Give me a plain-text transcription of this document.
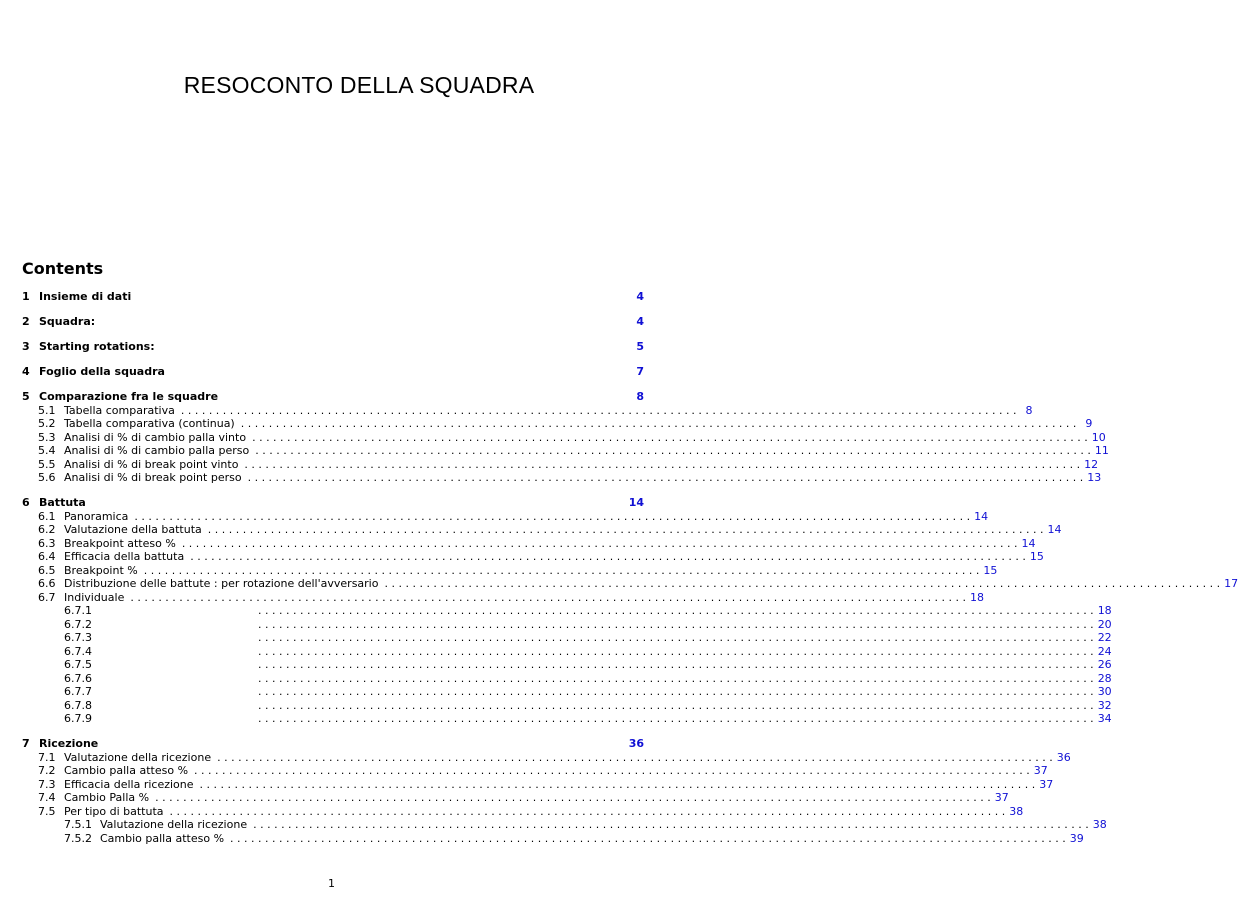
RESOCONTO DELLA SQUADRA
Contents
1 Insieme di dati	4
2 Squadra:	4
3 Starting rotations:	5
4 Foglio della squadra	7
5 Comparazione fra le squadre	8
5.1 Tabella comparativa . . . . . . . . . . . . . . . . . . . . . . . . . . . . . . . . . . . . . . . . . . . . . . . . . . . . . . . . . . . . . . . . . . . . . . . . . . . . . . . . . . . . . . . . . . . . . . . . . . . . . . . . . . . . . . . . . . . . . . . . 8
5.2 Tabella comparativa (continua) . . . . . . . . . . . . . . . . . . . . . . . . . . . . . . . . . . . . . . . . . . . . . . . . . . . . . . . . . . . . . . . . . . . . . . . . . . . . . . . . . . . . . . . . . . . . . . . . . . . . . . . . . . . . . . . . . . . . . . . . 9
5.3 Analisi di % di cambio palla vinto . . . . . . . . . . . . . . . . . . . . . . . . . . . . . . . . . . . . . . . . . . . . . . . . . . . . . . . . . . . . . . . . . . . . . . . . . . . . . . . . . . . . . . . . . . . . . . . . . . . . . . . . . . . . . . . . . . . . . . . . 10
5.4 Analisi di % di cambio palla perso . . . . . . . . . . . . . . . . . . . . . . . . . . . . . . . . . . . . . . . . . . . . . . . . . . . . . . . . . . . . . . . . . . . . . . . . . . . . . . . . . . . . . . . . . . . . . . . . . . . . . . . . . . . . . . . . . . . . . . . . 11
5.5 Analisi di % di break point vinto . . . . . . . . . . . . . . . . . . . . . . . . . . . . . . . . . . . . . . . . . . . . . . . . . . . . . . . . . . . . . . . . . . . . . . . . . . . . . . . . . . . . . . . . . . . . . . . . . . . . . . . . . . . . . . . . . . . . . . . . 12
5.6 Analisi di % di break point perso . . . . . . . . . . . . . . . . . . . . . . . . . . . . . . . . . . . . . . . . . . . . . . . . . . . . . . . . . . . . . . . . . . . . . . . . . . . . . . . . . . . . . . . . . . . . . . . . . . . . . . . . . . . . . . . . . . . . . . . . 13
6 Battuta	14
6.1 Panoramica . . . . . . . . . . . . . . . . . . . . . . . . . . . . . . . . . . . . . . . . . . . . . . . . . . . . . . . . . . . . . . . . . . . . . . . . . . . . . . . . . . . . . . . . . . . . . . . . . . . . . . . . . . . . . . . . . . . . . . . . 14
6.2 Valutazione della battuta . . . . . . . . . . . . . . . . . . . . . . . . . . . . . . . . . . . . . . . . . . . . . . . . . . . . . . . . . . . . . . . . . . . . . . . . . . . . . . . . . . . . . . . . . . . . . . . . . . . . . . . . . . . . . . . . . . . . . . . . 14
6.3 Breakpoint atteso % . . . . . . . . . . . . . . . . . . . . . . . . . . . . . . . . . . . . . . . . . . . . . . . . . . . . . . . . . . . . . . . . . . . . . . . . . . . . . . . . . . . . . . . . . . . . . . . . . . . . . . . . . . . . . . . . . . . . . . . . 14
6.4 Efficacia della battuta . . . . . . . . . . . . . . . . . . . . . . . . . . . . . . . . . . . . . . . . . . . . . . . . . . . . . . . . . . . . . . . . . . . . . . . . . . . . . . . . . . . . . . . . . . . . . . . . . . . . . . . . . . . . . . . . . . . . . . . . 15
6.5 Breakpoint % . . . . . . . . . . . . . . . . . . . . . . . . . . . . . . . . . . . . . . . . . . . . . . . . . . . . . . . . . . . . . . . . . . . . . . . . . . . . . . . . . . . . . . . . . . . . . . . . . . . . . . . . . . . . . . . . . . . . . . . . 15
6.6 Distribuzione delle battute : per rotazione dell'avversario . . . . . . . . . . . . . . . . . . . . . . . . . . . . . . . . . . . . . . . . . . . . . . . . . . . . . . . . . . . . . . . . . . . . . . . . . . . . . . . . . . . . . . . . . . . . . . . . . . . . . . . . . . . . . . . . . . . . . . . . 17
6.7 Individuale . . . . . . . . . . . . . . . . . . . . . . . . . . . . . . . . . . . . . . . . . . . . . . . . . . . . . . . . . . . . . . . . . . . . . . . . . . . . . . . . . . . . . . . . . . . . . . . . . . . . . . . . . . . . . . . . . . . . . . . . 18
6.7.1	. . . . . . . . . . . . . . . . . . . . . . . . . . . . . . . . . . . . . . . . . . . . . . . . . . . . . . . . . . . . . . . . . . . . . . . . . . . . . . . . . . . . . . . . . . . . . . . . . . . . . . . . . . . . . . . . . . . . . . . . 18
6.7.2	. . . . . . . . . . . . . . . . . . . . . . . . . . . . . . . . . . . . . . . . . . . . . . . . . . . . . . . . . . . . . . . . . . . . . . . . . . . . . . . . . . . . . . . . . . . . . . . . . . . . . . . . . . . . . . . . . . . . . . . . 20
6.7.3	. . . . . . . . . . . . . . . . . . . . . . . . . . . . . . . . . . . . . . . . . . . . . . . . . . . . . . . . . . . . . . . . . . . . . . . . . . . . . . . . . . . . . . . . . . . . . . . . . . . . . . . . . . . . . . . . . . . . . . . . 22
6.7.4	. . . . . . . . . . . . . . . . . . . . . . . . . . . . . . . . . . . . . . . . . . . . . . . . . . . . . . . . . . . . . . . . . . . . . . . . . . . . . . . . . . . . . . . . . . . . . . . . . . . . . . . . . . . . . . . . . . . . . . . . 24
6.7.5	. . . . . . . . . . . . . . . . . . . . . . . . . . . . . . . . . . . . . . . . . . . . . . . . . . . . . . . . . . . . . . . . . . . . . . . . . . . . . . . . . . . . . . . . . . . . . . . . . . . . . . . . . . . . . . . . . . . . . . . . 26
6.7.6	. . . . . . . . . . . . . . . . . . . . . . . . . . . . . . . . . . . . . . . . . . . . . . . . . . . . . . . . . . . . . . . . . . . . . . . . . . . . . . . . . . . . . . . . . . . . . . . . . . . . . . . . . . . . . . . . . . . . . . . . 28
6.7.7	. . . . . . . . . . . . . . . . . . . . . . . . . . . . . . . . . . . . . . . . . . . . . . . . . . . . . . . . . . . . . . . . . . . . . . . . . . . . . . . . . . . . . . . . . . . . . . . . . . . . . . . . . . . . . . . . . . . . . . . . 30
6.7.8	. . . . . . . . . . . . . . . . . . . . . . . . . . . . . . . . . . . . . . . . . . . . . . . . . . . . . . . . . . . . . . . . . . . . . . . . . . . . . . . . . . . . . . . . . . . . . . . . . . . . . . . . . . . . . . . . . . . . . . . . 32
6.7.9	. . . . . . . . . . . . . . . . . . . . . . . . . . . . . . . . . . . . . . . . . . . . . . . . . . . . . . . . . . . . . . . . . . . . . . . . . . . . . . . . . . . . . . . . . . . . . . . . . . . . . . . . . . . . . . . . . . . . . . . . 34
7 Ricezione	36
7.1 Valutazione della ricezione . . . . . . . . . . . . . . . . . . . . . . . . . . . . . . . . . . . . . . . . . . . . . . . . . . . . . . . . . . . . . . . . . . . . . . . . . . . . . . . . . . . . . . . . . . . . . . . . . . . . . . . . . . . . . . . . . . . . . . . . 36
7.2 Cambio palla atteso % . . . . . . . . . . . . . . . . . . . . . . . . . . . . . . . . . . . . . . . . . . . . . . . . . . . . . . . . . . . . . . . . . . . . . . . . . . . . . . . . . . . . . . . . . . . . . . . . . . . . . . . . . . . . . . . . . . . . . . . . 37
7.3 Efficacia della ricezione . . . . . . . . . . . . . . . . . . . . . . . . . . . . . . . . . . . . . . . . . . . . . . . . . . . . . . . . . . . . . . . . . . . . . . . . . . . . . . . . . . . . . . . . . . . . . . . . . . . . . . . . . . . . . . . . . . . . . . . . 37
7.4 Cambio Palla % . . . . . . . . . . . . . . . . . . . . . . . . . . . . . . . . . . . . . . . . . . . . . . . . . . . . . . . . . . . . . . . . . . . . . . . . . . . . . . . . . . . . . . . . . . . . . . . . . . . . . . . . . . . . . . . . . . . . . . . . 37
7.5 Per tipo di battuta . . . . . . . . . . . . . . . . . . . . . . . . . . . . . . . . . . . . . . . . . . . . . . . . . . . . . . . . . . . . . . . . . . . . . . . . . . . . . . . . . . . . . . . . . . . . . . . . . . . . . . . . . . . . . . . . . . . . . . . . 38
7.5.1 Valutazione della ricezione . . . . . . . . . . . . . . . . . . . . . . . . . . . . . . . . . . . . . . . . . . . . . . . . . . . . . . . . . . . . . . . . . . . . . . . . . . . . . . . . . . . . . . . . . . . . . . . . . . . . . . . . . . . . . . . . . . . . . . . . 38
7.5.2 Cambio palla atteso % . . . . . . . . . . . . . . . . . . . . . . . . . . . . . . . . . . . . . . . . . . . . . . . . . . . . . . . . . . . . . . . . . . . . . . . . . . . . . . . . . . . . . . . . . . . . . . . . . . . . . . . . . . . . . . . . . . . . . . . . 39
1
